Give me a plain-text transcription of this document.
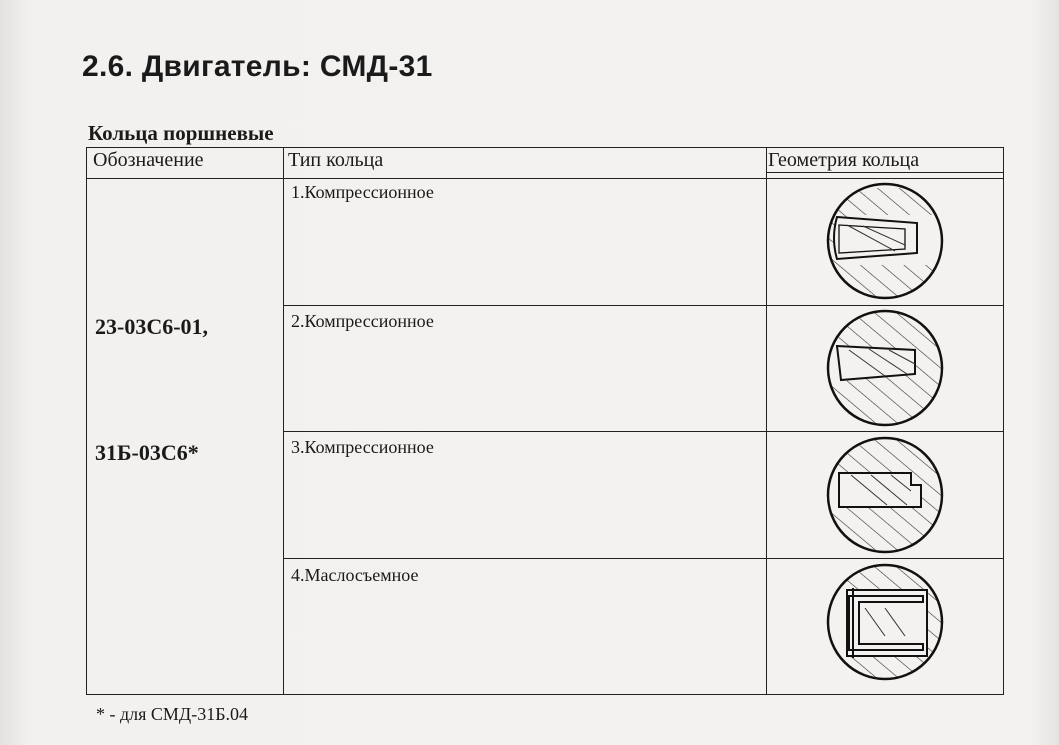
2.6. Двигатель: СМД-31
Кольца поршневые
Обозначение	Тип кольца	Геометрия кольца
23-03С6-01,
31Б-03С6*
1.Компрессионное
2.Компрессионное
3.Компрессионное
4.Маслосъемное
* - для СМД-31Б.04
